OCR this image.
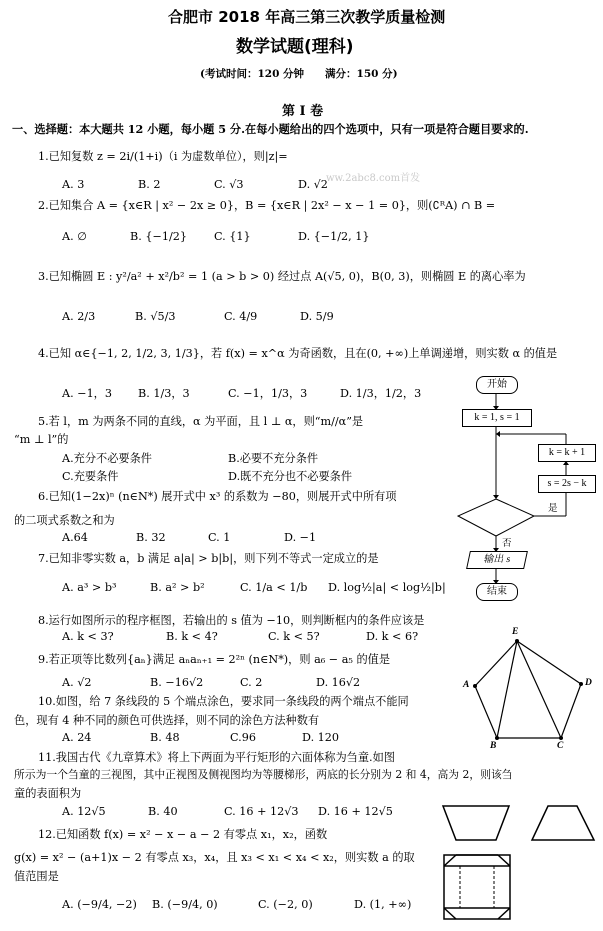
合肥市 2018 年高三第三次教学质量检测
数学试题(理科)
(考试时间：120 分钟　　满分：150 分)
第 I 卷
一、选择题：本大题共 12 小题，每小题 5 分.在每小题给出的四个选项中，只有一项是符合题目要求的.
ww.2abc8.com首发
1.已知复数 z = 2i/(1+i)（i 为虚数单位），则|z|=
A. 3	B. 2	C. √3	D. √2
2.已知集合 A = {x∈R | x² − 2x ≥ 0}，B = {x∈R | 2x² − x − 1 = 0}，则(∁ᴿA) ∩ B =
A. ∅	B. {−1/2} C. {1}	D. {−1/2, 1}
3.已知椭圆 E : y²/a² + x²/b² = 1 (a > b > 0) 经过点 A(√5, 0)，B(0, 3)，则椭圆 E 的离心率为
A. 2/3	B. √5/3	C. 4/9	D. 5/9
4.已知 α∈{−1, 2, 1/2, 3, 1/3}，若 f(x) = x^α 为奇函数，且在(0, +∞)上单调递增，则实数 α 的值是
A. −1，3 B. 1/3，3	C. −1，1/3，3	D. 1/3，1/2，3
5.若 l，m 为两条不同的直线，α 为平面，且 l ⊥ α，则“m//α”是
“m ⊥ l”的
A.充分不必要条件	B.必要不充分条件
C.充要条件	D.既不充分也不必要条件
6.已知(1−2x)ⁿ (n∈N*) 展开式中 x³ 的系数为 −80，则展开式中所有项
的二项式系数之和为
A.64	B. 32	C. 1	D. −1
7.已知非零实数 a，b 满足 a|a| > b|b|，则下列不等式一定成立的是
A. a³ > b³	B. a² > b²	C. 1/a < 1/b D. log½|a| < log½|b|
8.运行如图所示的程序框图，若输出的 s 值为 −10，则判断框内的条件应该是
A. k < 3?	B. k < 4?	C. k < 5?	D. k < 6?
9.若正项等比数列{aₙ}满足 aₙaₙ₊₁ = 2²ⁿ (n∈N*)，则 a₆ − a₅ 的值是
A. √2	B. −16√2	C. 2	D. 16√2
10.如图，给 7 条线段的 5 个端点涂色，要求同一条线段的两个端点不能同
色，现有 4 种不同的颜色可供选择，则不同的涂色方法种数有
A. 24	B. 48	C.96	D. 120
11.我国古代《九章算术》将上下两面为平行矩形的六面体称为刍童.如图
所示为一个刍童的三视图，其中正视图及侧视图均为等腰梯形，两底的长分别为 2 和 4，高为 2，则该刍
童的表面积为
A. 12√5	B. 40	C. 16 + 12√3 D. 16 + 12√5
12.已知函数 f(x) = x² − x − a − 2 有零点 x₁，x₂，函数
g(x) = x² − (a+1)x − 2 有零点 x₃，x₄，且 x₃ < x₁ < x₄ < x₂，则实数 a 的取
值范围是
A. (−9/4, −2) B. (−9/4, 0)	C. (−2, 0)	D. (1, +∞)
开始
k = 1, s = 1
k = k + 1
s = 2s − k
是
否
输出 s
结束
E
A	D
B	C
